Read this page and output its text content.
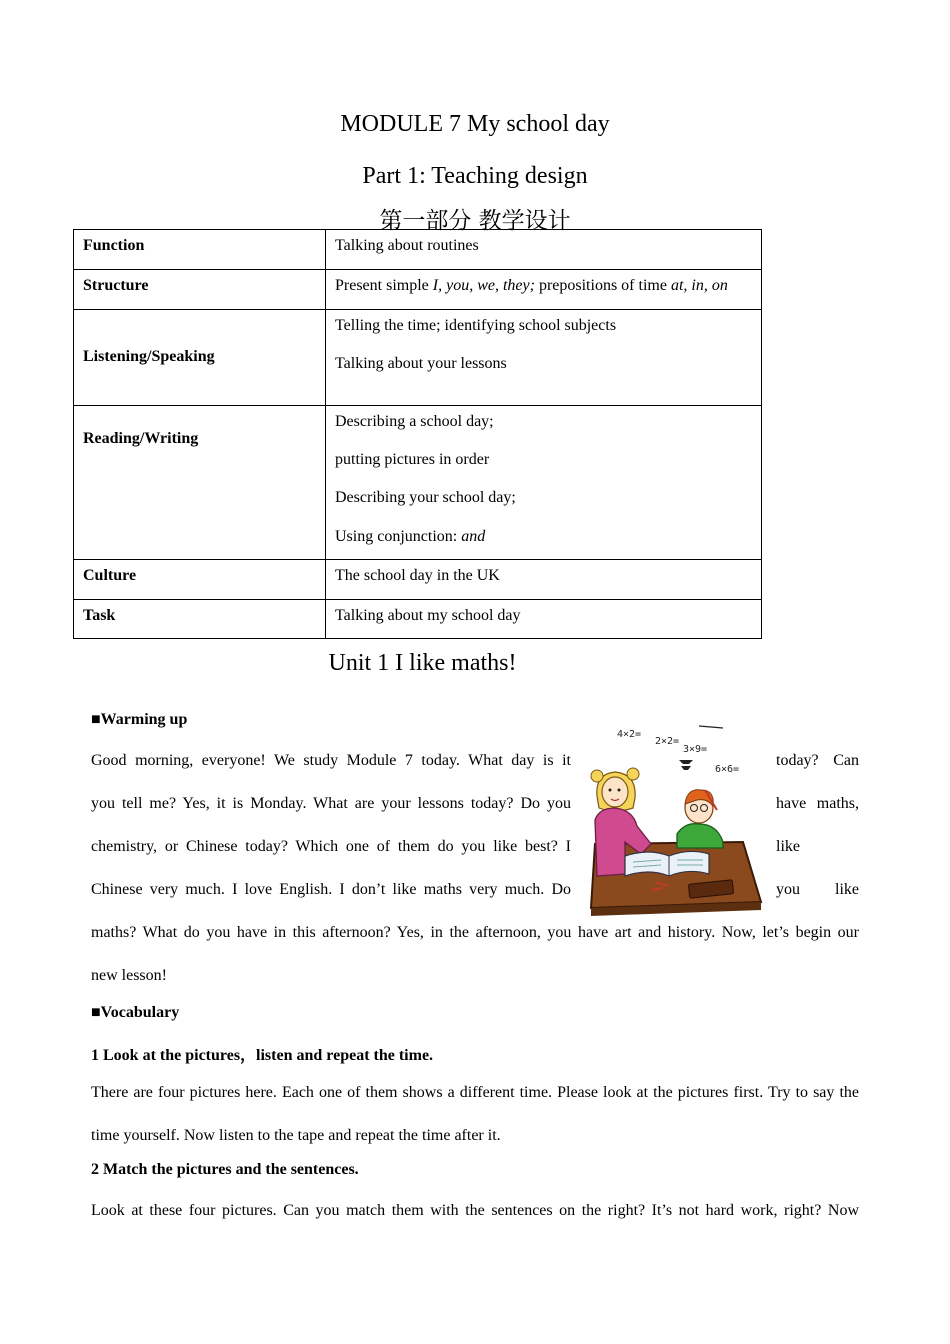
MODULE 7 My school day
Part 1: Teaching design
第一部分 教学设计
Function	Talking about routines
Structure	Present simple I, you, we, they; prepositions of time at, in, on
Listening/Speaking	Telling the time; identifying school subjects

Talking about your lessons

Reading/Writing	Describing a school day;

putting pictures in order

Describing your school day;

Using conjunction: and

Culture	The school day in the UK
Task	Talking about my school day
Unit 1 I like maths!
■Warming up
Good morning, everyone! We study Module 7 today. What day is it	today? Can
you tell me? Yes, it is Monday. What are your lessons today? Do you	have maths,
chemistry, or Chinese today? Which one of them do you like best? I	like
Chinese very much. I love English. I don’t like maths very much. Do	you like
maths? What do you have in this afternoon? Yes, in the afternoon, you have art and history. Now, let’s begin our
new lesson!
4×2=
2×2=
3×9=
6×6=
■Vocabulary
1 Look at the pictures，listen and repeat the time.
There are four pictures here. Each one of them shows a different time. Please look at the pictures first. Try to say the time yourself. Now listen to the tape and repeat the time after it.
2 Match the pictures and the sentences.
Look at these four pictures. Can you match them with the sentences on the right? It’s not hard work, right? Now
